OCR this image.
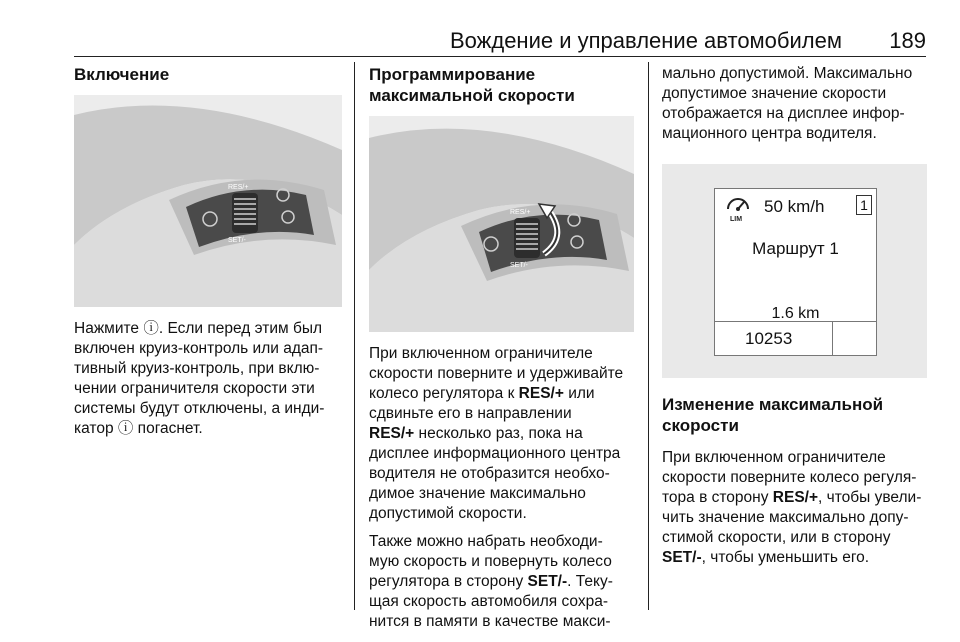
Вождение и управление автомобилем 189
Включение
RES/+
SET/-

Нажмите ⓘ. Если перед этим был
включен круиз-контроль или адап-
тивный круиз-контроль, при вклю-
чении ограничителя скорости эти
системы будут отключены, а инди-
катор ⓘ погаснет.

Программирование
максимальной скорости
RES/+
SET/-

При включенном ограничителе
скорости поверните и удерживайте
колесо регулятора к RES/+ или
сдвиньте его в направлении
RES/+ несколько раз, пока на
дисплее информационного центра
водителя не отобразится необхо-
димое значение максимально
допустимой скорости.

Также можно набрать необходи-
мую скорость и повернуть колесо
регулятора в сторону SET/-. Теку-
щая скорость автомобиля сохра-
нится в памяти в качестве макси-

мально допустимой. Максимально
допустимое значение скорости
отображается на дисплее инфор-
мационного центра водителя.

LIM
50 km/h	1
Маршрут 1
1.6 km
10253
Изменение максимальной
скорости

При включенном ограничителе
скорости поверните колесо регуля-
тора в сторону RES/+, чтобы увели-
чить значение максимально допу-
стимой скорости, или в сторону
SET/-, чтобы уменьшить его.
